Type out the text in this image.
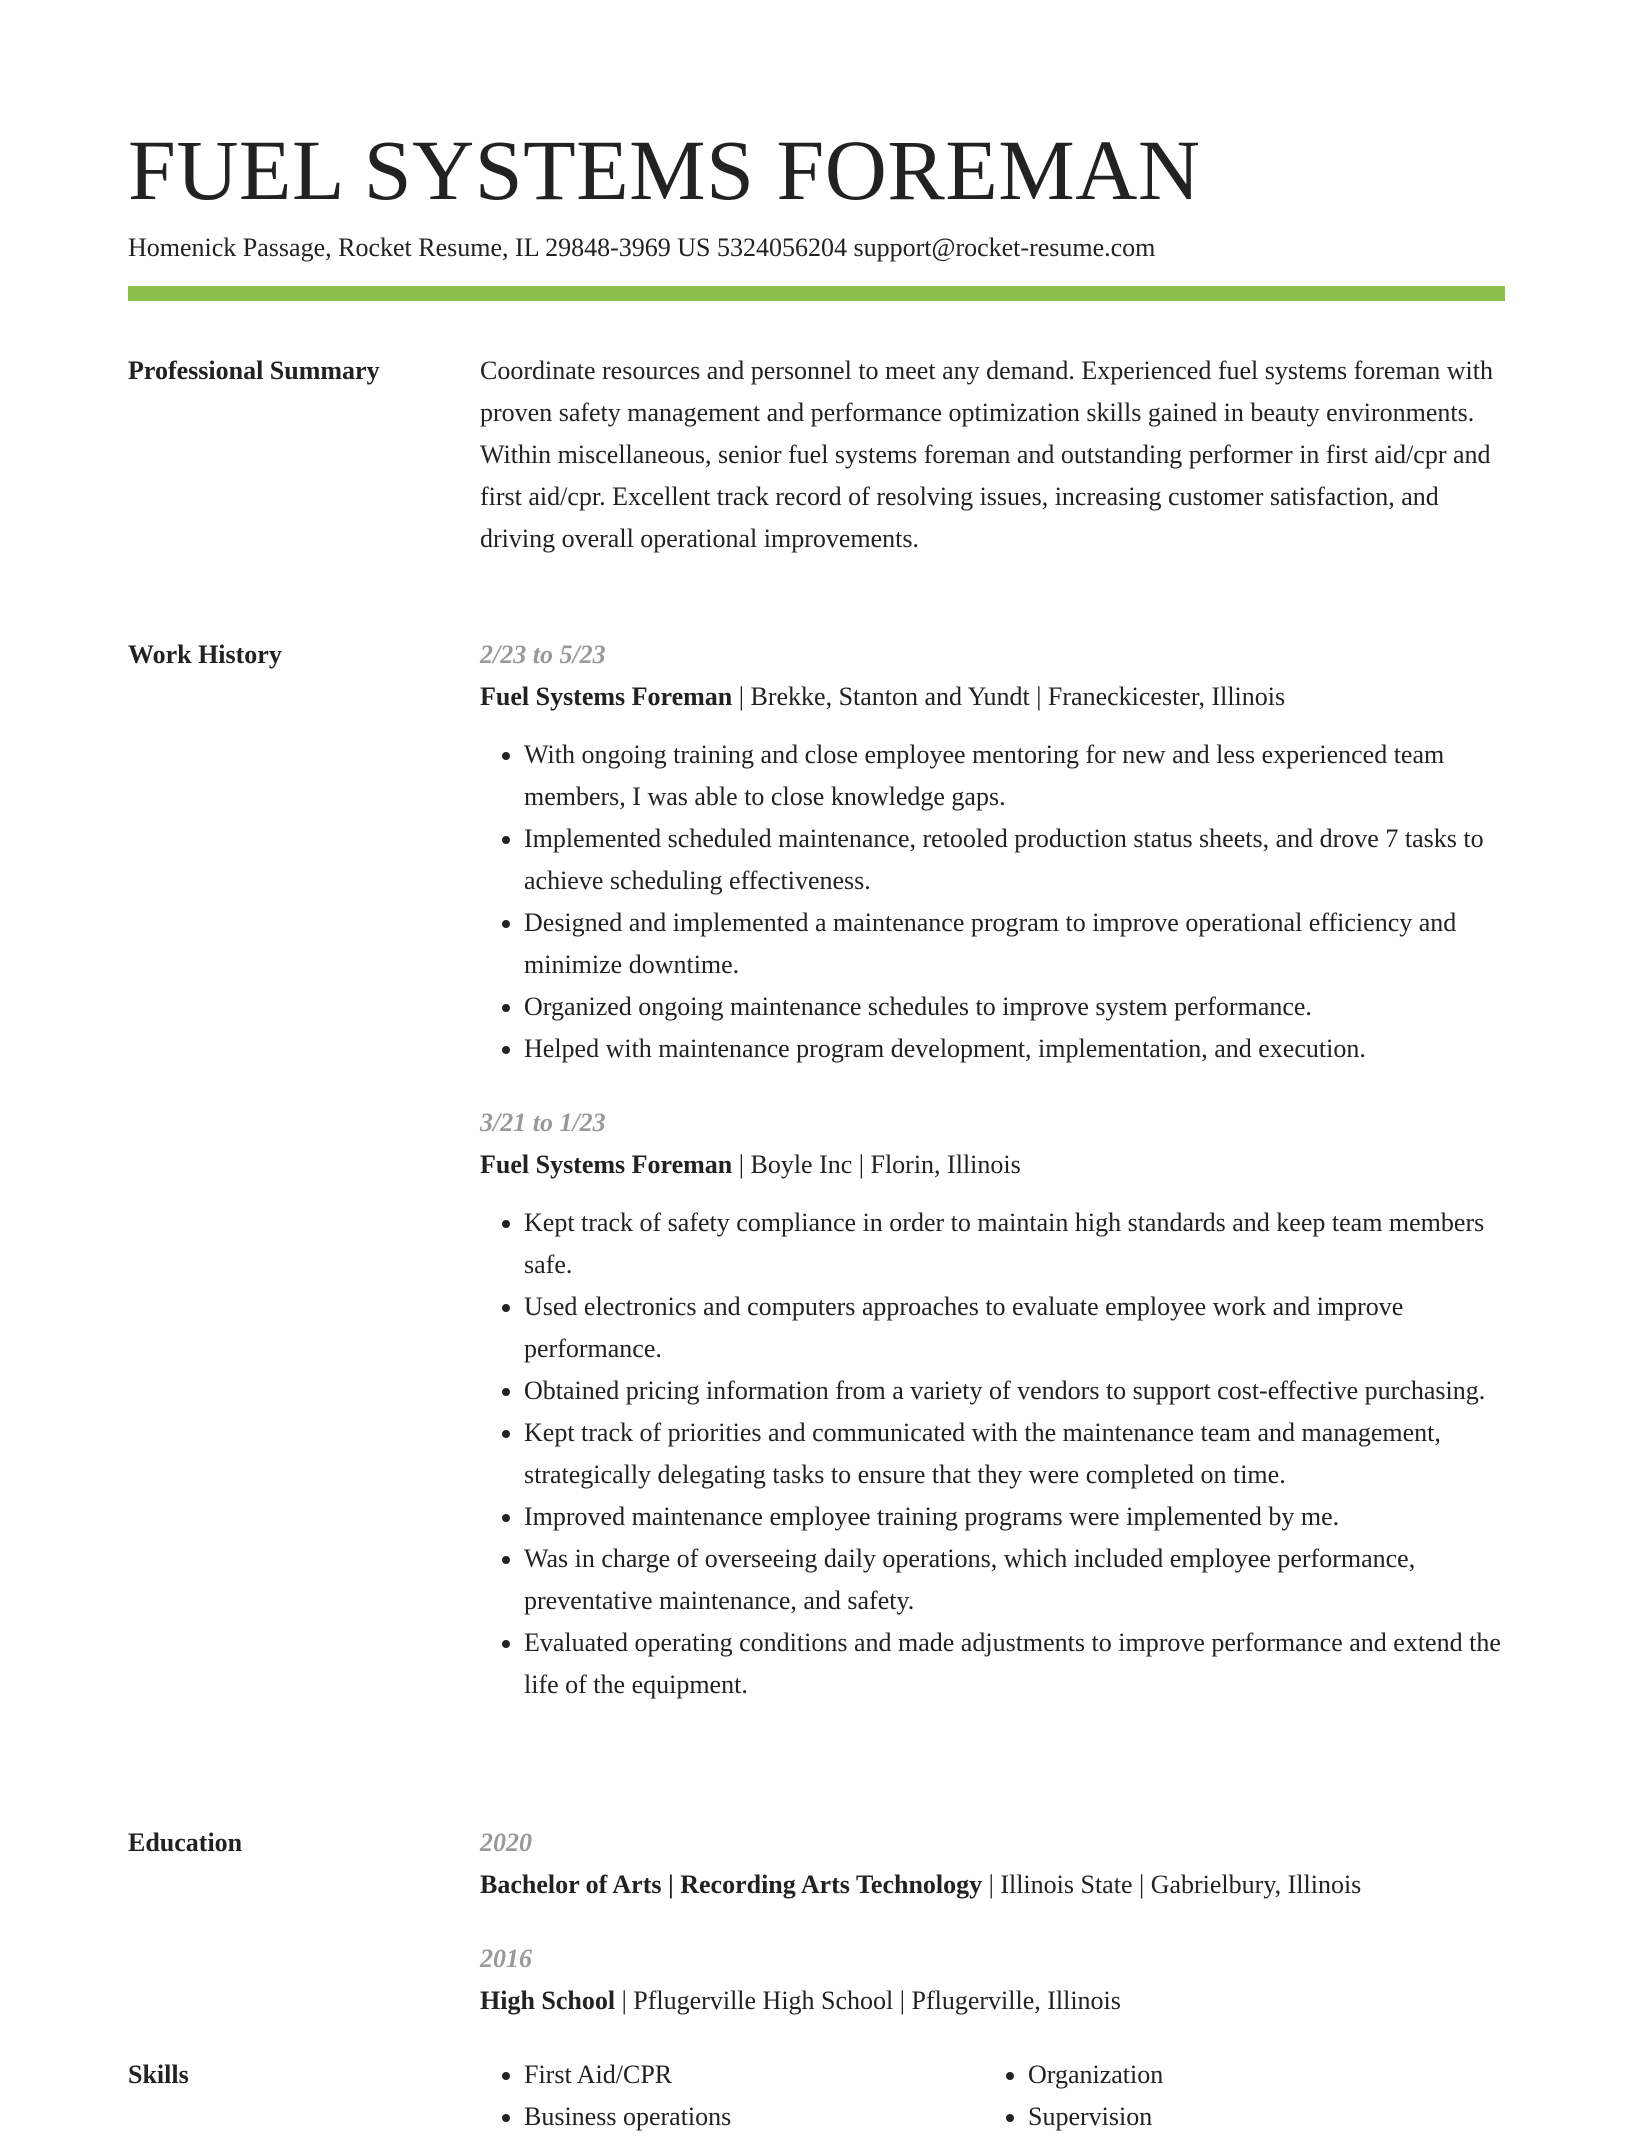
FUEL SYSTEMS FOREMAN
Homenick Passage, Rocket Resume, IL 29848-3969 US 5324056204 support@rocket-resume.com
Professional Summary	Coordinate resources and personnel to meet any demand. Experienced fuel systems foreman with proven safety management and performance optimization skills gained in beauty environments. Within miscellaneous, senior fuel systems foreman and outstanding performer in first aid/cpr and first aid/cpr. Excellent track record of resolving issues, increasing customer satisfaction, and driving overall operational improvements.

Work History	2/23 to 5/23
Fuel Systems Foreman | Brekke, Stanton and Yundt | Franeckicester, Illinois
• With ongoing training and close employee mentoring for new and less experienced team members, I was able to close knowledge gaps.
• Implemented scheduled maintenance, retooled production status sheets, and drove 7 tasks to achieve scheduling effectiveness.
• Designed and implemented a maintenance program to improve operational efficiency and minimize downtime.
• Organized ongoing maintenance schedules to improve system performance.
• Helped with maintenance program development, implementation, and execution.
3/21 to 1/23
Fuel Systems Foreman | Boyle Inc | Florin, Illinois
• Kept track of safety compliance in order to maintain high standards and keep team members safe.
• Used electronics and computers approaches to evaluate employee work and improve performance.
• Obtained pricing information from a variety of vendors to support cost-effective purchasing.
• Kept track of priorities and communicated with the maintenance team and management, strategically delegating tasks to ensure that they were completed on time.
• Improved maintenance employee training programs were implemented by me.
• Was in charge of overseeing daily operations, which included employee performance, preventative maintenance, and safety.
• Evaluated operating conditions and made adjustments to improve performance and extend the life of the equipment.
Education	2020
Bachelor of Arts | Recording Arts Technology | Illinois State | Gabrielbury, Illinois
2016
High School | Pflugerville High School | Pflugerville, Illinois
Skills
•	First Aid/CPR
• Business operations
• Organization
• Supervision
